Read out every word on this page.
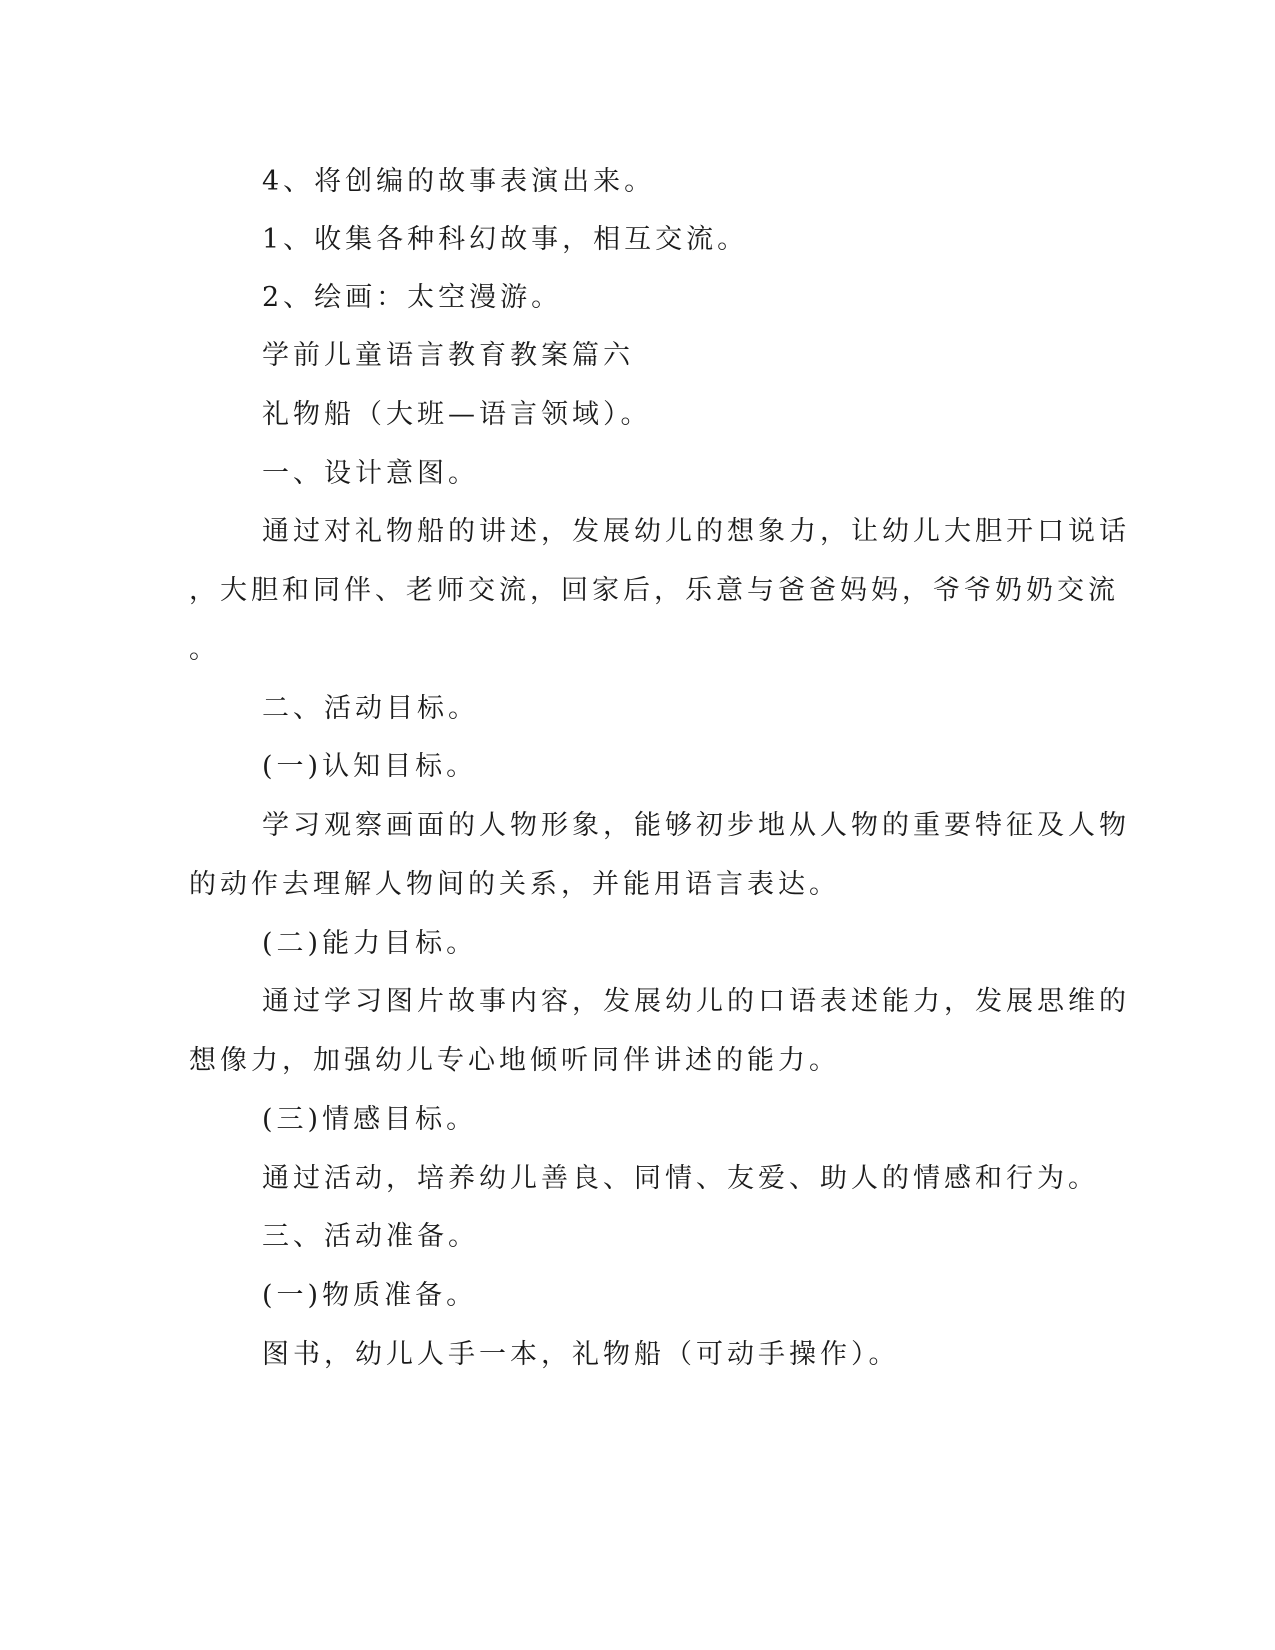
4、将创编的故事表演出来。
1、收集各种科幻故事，相互交流。
2、绘画：太空漫游。
学前儿童语言教育教案篇六
礼物船（大班—语言领域）。
一、设计意图。
通过对礼物船的讲述，发展幼儿的想象力，让幼儿大胆开口说话
，大胆和同伴、老师交流，回家后，乐意与爸爸妈妈，爷爷奶奶交流
。
二、活动目标。
(一)认知目标。
学习观察画面的人物形象，能够初步地从人物的重要特征及人物
的动作去理解人物间的关系，并能用语言表达。
(二)能力目标。
通过学习图片故事内容，发展幼儿的口语表述能力，发展思维的
想像力，加强幼儿专心地倾听同伴讲述的能力。
(三)情感目标。
通过活动，培养幼儿善良、同情、友爱、助人的情感和行为。
三、活动准备。
(一)物质准备。
图书，幼儿人手一本，礼物船（可动手操作）。
